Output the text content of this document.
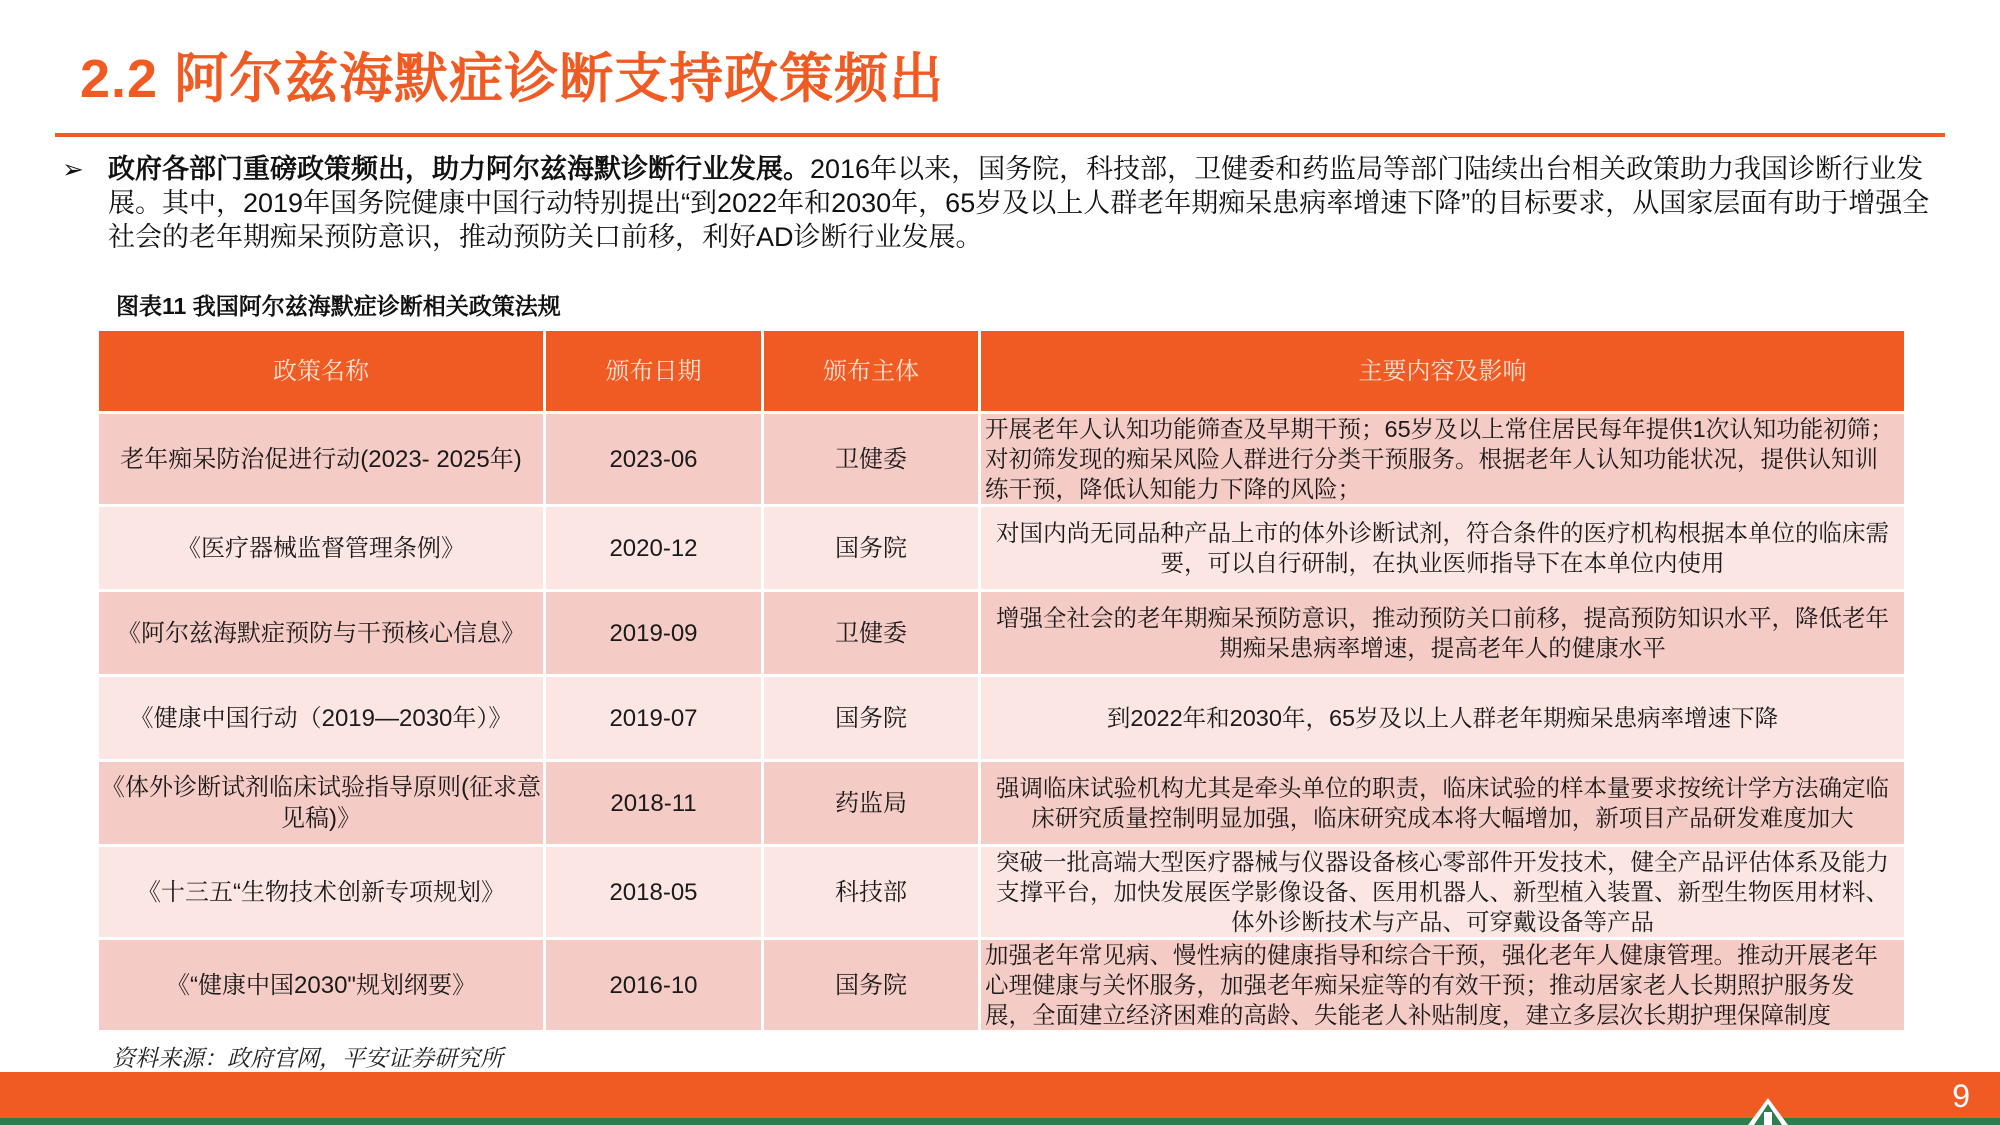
2.2 阿尔兹海默症诊断支持政策频出
➢ 政府各部门重磅政策频出，助力阿尔兹海默诊断行业发展。2016年以来，国务院，科技部，卫健委和药监局等部门陆续出台相关政策助力我国诊断行业发展。其中，2019年国务院健康中国行动特别提出“到2022年和2030年，65岁及以上人群老年期痴呆患病率增速下降”的目标要求，从国家层面有助于增强全社会的老年期痴呆预防意识，推动预防关口前移，利好AD诊断行业发展。

图表11 我国阿尔兹海默症诊断相关政策法规
政策名称	颁布日期	颁布主体	主要内容及影响
老年痴呆防治促进行动(2023- 2025年)	2023-06	卫健委	开展老年人认知功能筛查及早期干预；65岁及以上常住居民每年提供1次认知功能初筛；对初筛发现的痴呆风险人群进行分类干预服务。根据老年人认知功能状况，提供认知训练干预，降低认知能力下降的风险；
《医疗器械监督管理条例》	2020-12	国务院	对国内尚无同品种产品上市的体外诊断试剂，符合条件的医疗机构根据本单位的临床需要，可以自行研制，在执业医师指导下在本单位内使用
《阿尔兹海默症预防与干预核心信息》	2019-09	卫健委	增强全社会的老年期痴呆预防意识，推动预防关口前移，提高预防知识水平，降低老年期痴呆患病率增速，提高老年人的健康水平
《健康中国行动（2019—2030年）》	2019-07	国务院	到2022年和2030年，65岁及以上人群老年期痴呆患病率增速下降
《体外诊断试剂临床试验指导原则(征求意见稿)》	2018-11	药监局	强调临床试验机构尤其是牵头单位的职责，临床试验的样本量要求按统计学方法确定临床研究质量控制明显加强，临床研究成本将大幅增加，新项目产品研发难度加大
《十三五“生物技术创新专项规划》	2018-05	科技部	突破一批高端大型医疗器械与仪器设备核心零部件开发技术，健全产品评估体系及能力支撑平台，加快发展医学影像设备、医用机器人、新型植入装置、新型生物医用材料、体外诊断技术与产品、可穿戴设备等产品
《“健康中国2030"规划纲要》	2016-10	国务院	加强老年常见病、慢性病的健康指导和综合干预，强化老年人健康管理。推动开展老年心理健康与关怀服务，加强老年痴呆症等的有效干预；推动居家老人长期照护服务发展，全面建立经济困难的高龄、失能老人补贴制度，建立多层次长期护理保障制度
资料来源：政府官网，平安证券研究所
9
